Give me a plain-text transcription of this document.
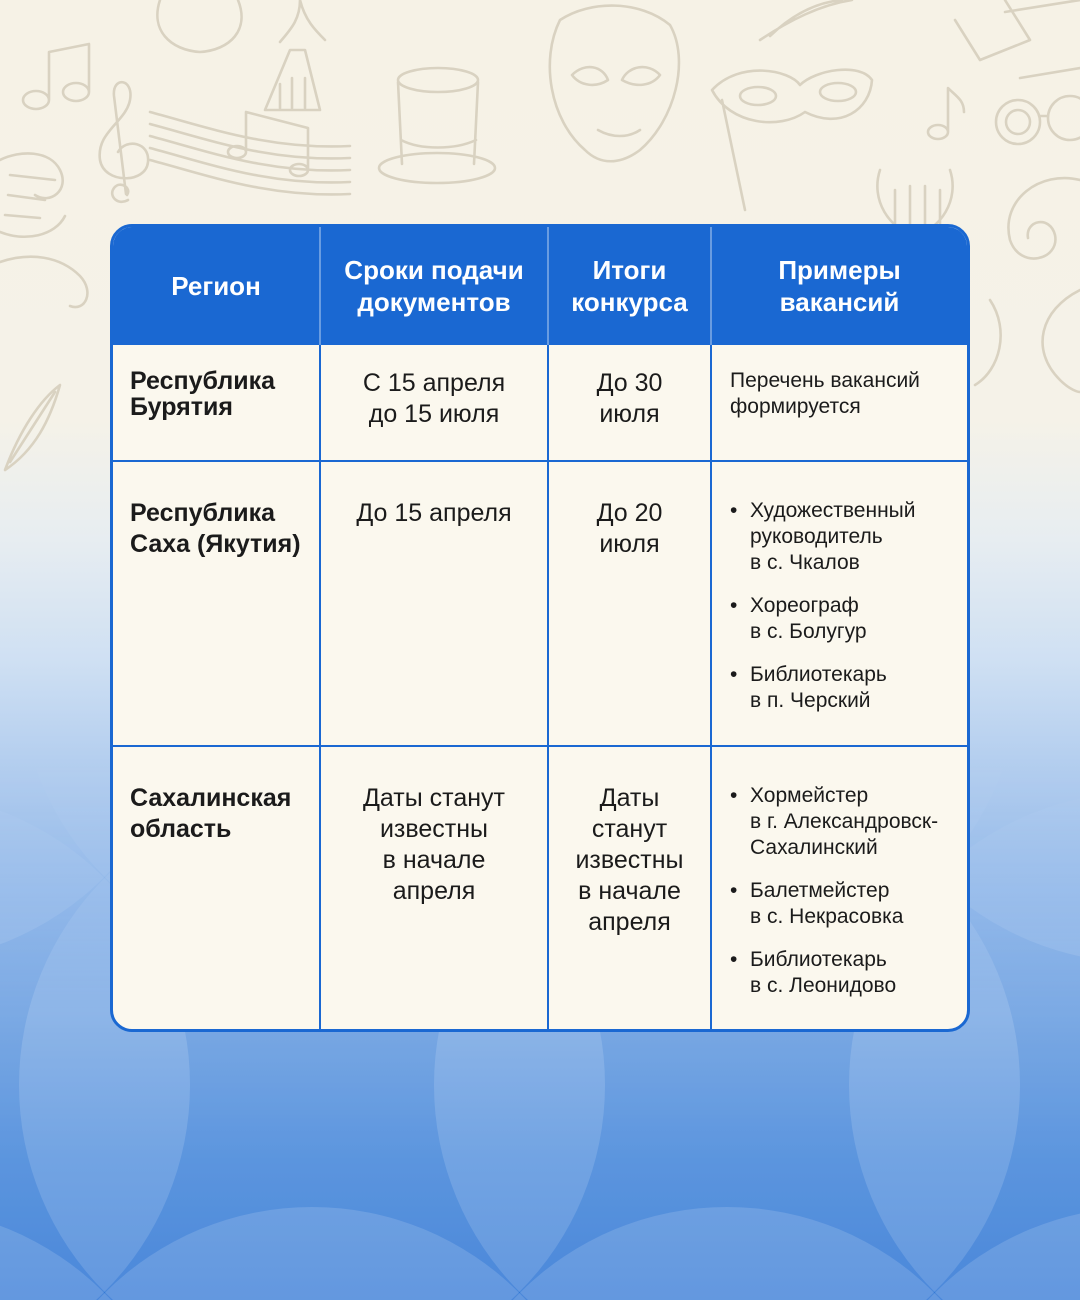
Регион
Сроки подачи
документов
Итоги
конкурса
Примеры
вакансий
Республика
Бурятия
С 15 апреля
до 15 июля
До 30
июля
Перечень вакансий
формируется
Республика
Саха (Якутия)
До 15 апреля	До 20
июля
• Художественный
руководитель
в с. Чкалов
• Хореограф
в с. Болугур
• Библиотекарь
в п. Черский
Сахалинская
область
Даты станут
известны
в начале
апреля
Даты
станут
известны
в начале
апреля
• Хормейстер
в г. Александровск-
Сахалинский
• Балетмейстер
в с. Некрасовка
• Библиотекарь
в с. Леонидово
